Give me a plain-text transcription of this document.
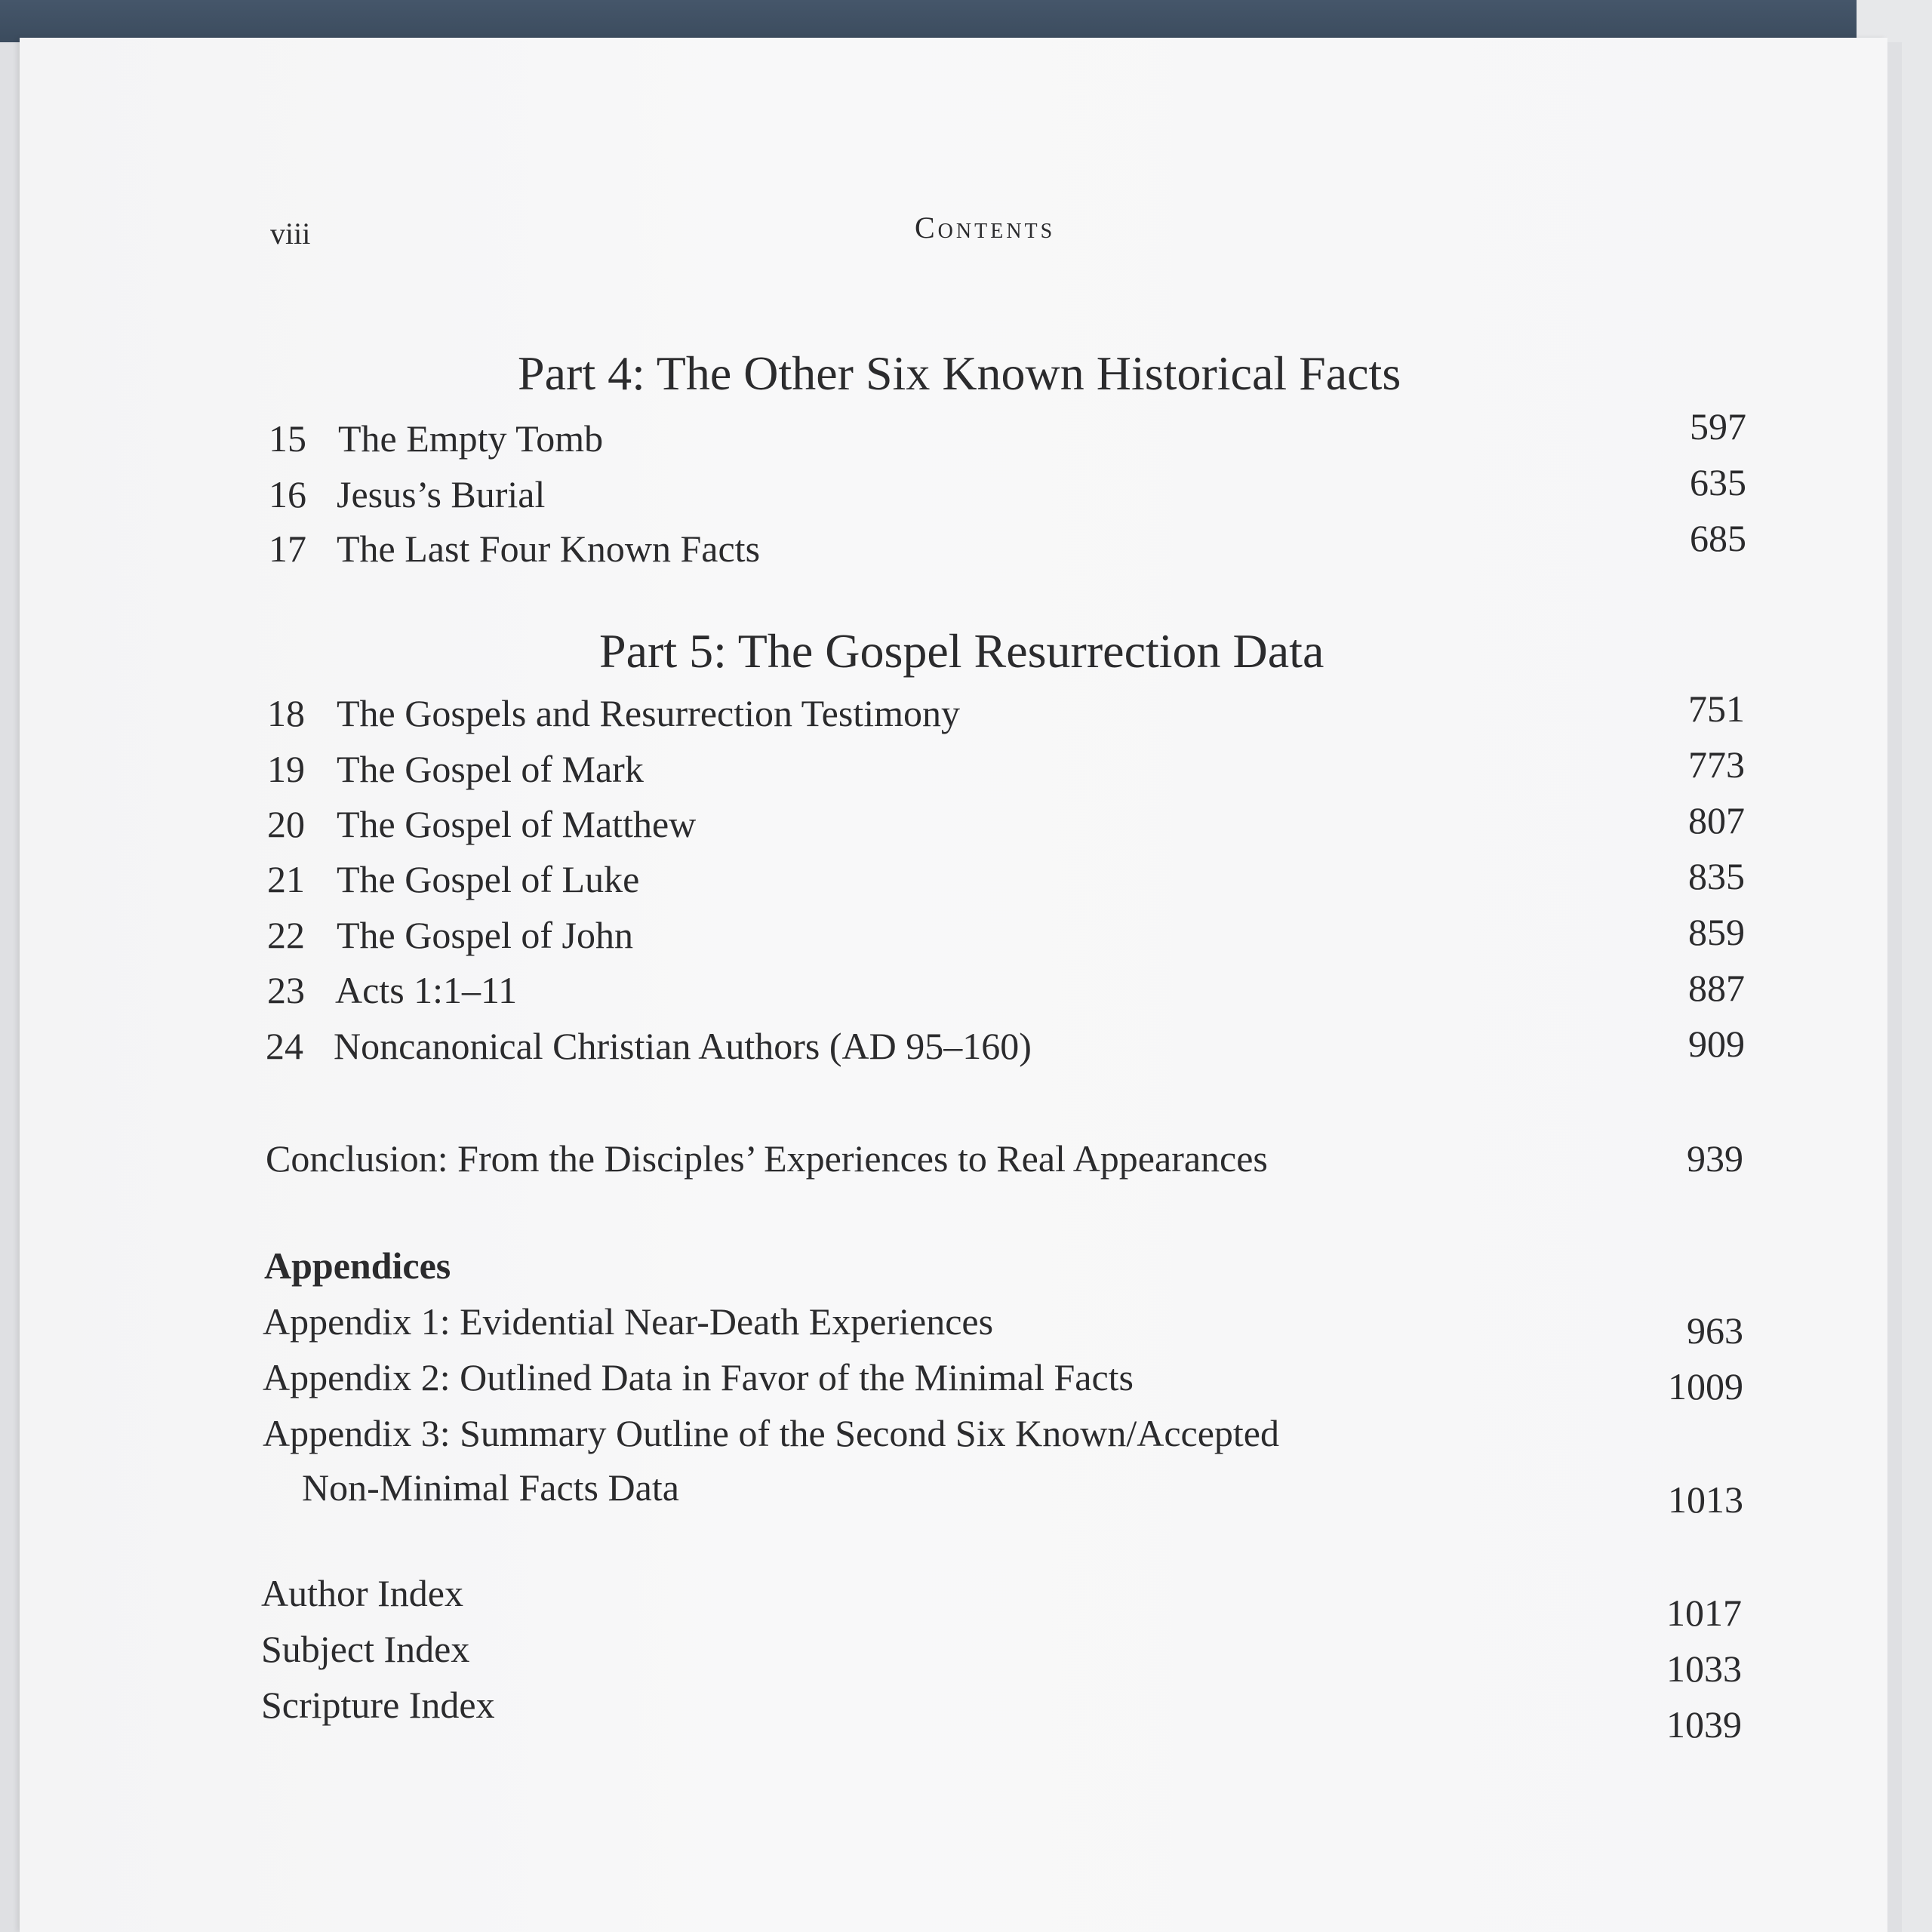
viii	Contents
Part 4: The Other Six Known Historical Facts
15 The Empty Tomb	597
16 Jesus’s Burial	635
17 The Last Four Known Facts	685
Part 5: The Gospel Resurrection Data
18 The Gospels and Resurrection Testimony	751
19 The Gospel of Mark	773
20 The Gospel of Matthew	807
21 The Gospel of Luke	835
22 The Gospel of John	859
23 Acts 1:1–11	887
24 Noncanonical Christian Authors (AD 95–160)	909
Conclusion: From the Disciples’ Experiences to Real Appearances	939
Appendices
Appendix 1: Evidential Near-Death Experiences	963
Appendix 2: Outlined Data in Favor of the Minimal Facts	1009
Appendix 3: Summary Outline of the Second Six Known/Accepted
Non-Minimal Facts Data	1013
Author Index	1017
Subject Index	1033
Scripture Index	1039
